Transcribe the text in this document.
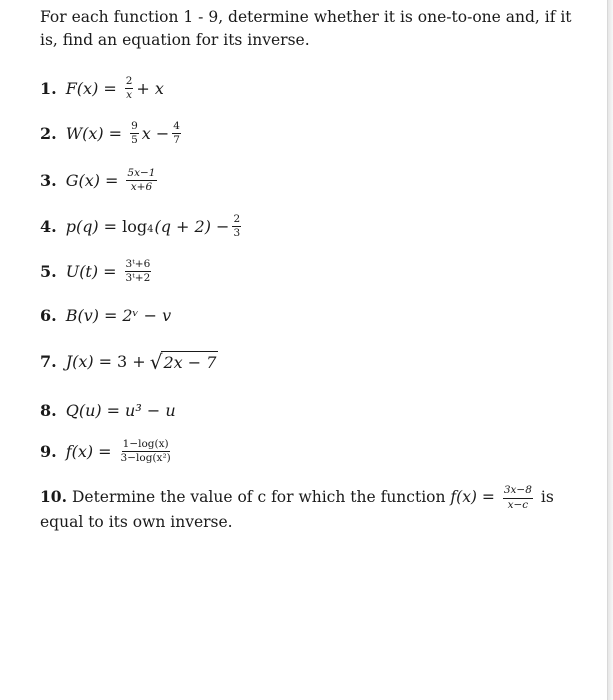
For each function 1 - 9, determine whether it is one-to-one and, if it is, find an equation for its inverse.

1. $F(x) = \frac{2}{x} + x$
2. $W(x) = \frac{9}{5}$ $x - \frac{4}{7}$
3. $G(x) = \frac{5x-1}{x+6}$
4. $p(q) = \log_4 (q + 2) - \frac{2}{3}$
5. $U(t) = \frac{\text{3ᵗ+6}}{\text{3ᵗ+2}}$
6. B(v) = 2ᵛ − v
7. J(x) = 3 + √ 2x − 7
8. Q(u) = u³ − u
9. $f(x) = \frac{1-\log(x)}{\text{3−log(x²)}}$
10. Determine the value of c for which the function $f(x) = \frac{3x-8}{x-c}$ is equal to its own inverse.
